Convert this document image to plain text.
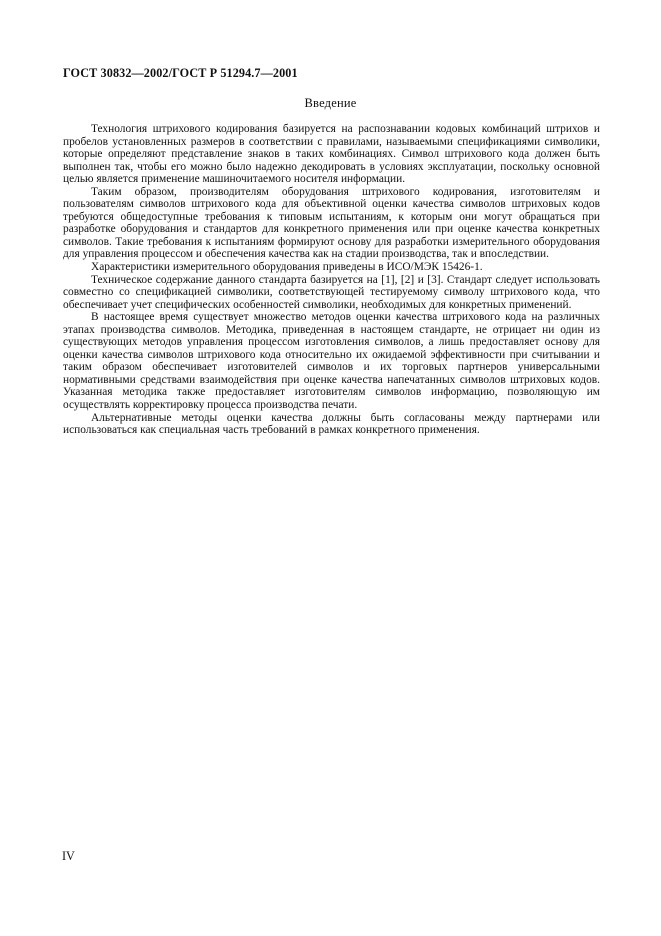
ГОСТ 30832—2002/ГОСТ Р 51294.7—2001
Введение

Технология штрихового кодирования базируется на распознавании кодовых комбинаций штрихов и пробелов установленных размеров в соответствии с правилами, называемыми спецификациями символики, которые определяют представление знаков в таких комбинациях. Символ штрихового кода должен быть выполнен так, чтобы его можно было надежно декодировать в условиях эксплуатации, поскольку основной целью является применение машиночитаемого носителя информации.

Таким образом, производителям оборудования штрихового кодирования, изготовителям и пользователям символов штрихового кода для объективной оценки качества символов штриховых кодов требуются общедоступные требования к типовым испытаниям, к которым они могут обращаться при разработке оборудования и стандартов для конкретного применения или при оценке качества конкретных символов. Такие требования к испытаниям формируют основу для разработки измерительного оборудования для управления процессом и обеспечения качества как на стадии производства, так и впоследствии.

Характеристики измерительного оборудования приведены в ИСО/МЭК 15426-1.

Техническое содержание данного стандарта базируется на [1], [2] и [3]. Стандарт следует использовать совместно со спецификацией символики, соответствующей тестируемому символу штрихового кода, что обеспечивает учет специфических особенностей символики, необходимых для конкретных применений.

В настоящее время существует множество методов оценки качества штрихового кода на различных этапах производства символов. Методика, приведенная в настоящем стандарте, не отрицает ни один из существующих методов управления процессом изготовления символов, а лишь предоставляет основу для оценки качества символов штрихового кода относительно их ожидаемой эффективности при считывании и таким образом обеспечивает изготовителей символов и их торговых партнеров универсальными нормативными средствами взаимодействия при оценке качества напечатанных символов штриховых кодов. Указанная методика также предоставляет изготовителям символов информацию, позволяющую им осуществлять корректировку процесса производства печати.

Альтернативные методы оценки качества должны быть согласованы между партнерами или использоваться как специальная часть требований в рамках конкретного применения.

IV
